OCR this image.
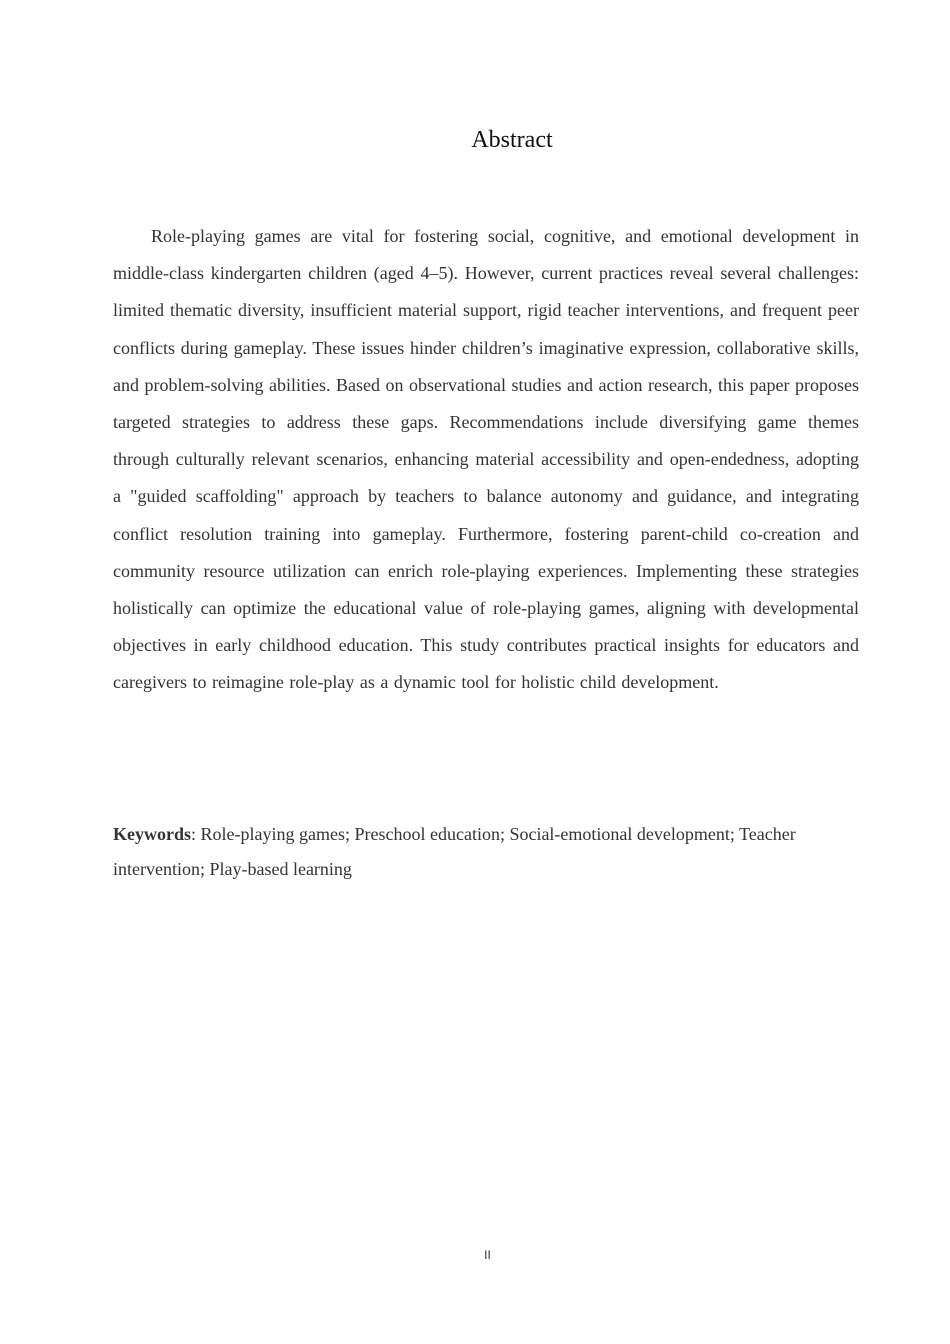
Abstract

Role-playing games are vital for fostering social, cognitive, and emotional development in middle-class kindergarten children (aged 4–5). However, current practices reveal several challenges: limited thematic diversity, insufficient material support, rigid teacher interventions, and frequent peer conflicts during gameplay. These issues hinder children’s imaginative expression, collaborative skills, and problem-solving abilities. Based on observational studies and action research, this paper proposes targeted strategies to address these gaps. Recommendations include diversifying game themes through culturally relevant scenarios, enhancing material accessibility and open-endedness, adopting a "guided scaffolding" approach by teachers to balance autonomy and guidance, and integrating conflict resolution training into gameplay. Furthermore, fostering parent-child co-creation and community resource utilization can enrich role-playing experiences. Implementing these strategies holistically can optimize the educational value of role-playing games, aligning with developmental objectives in early childhood education. This study contributes practical insights for educators and caregivers to reimagine role-play as a dynamic tool for holistic child development.

Keywords: Role-playing games; Preschool education; Social-emotional development; Teacher intervention; Play-based learning

II
